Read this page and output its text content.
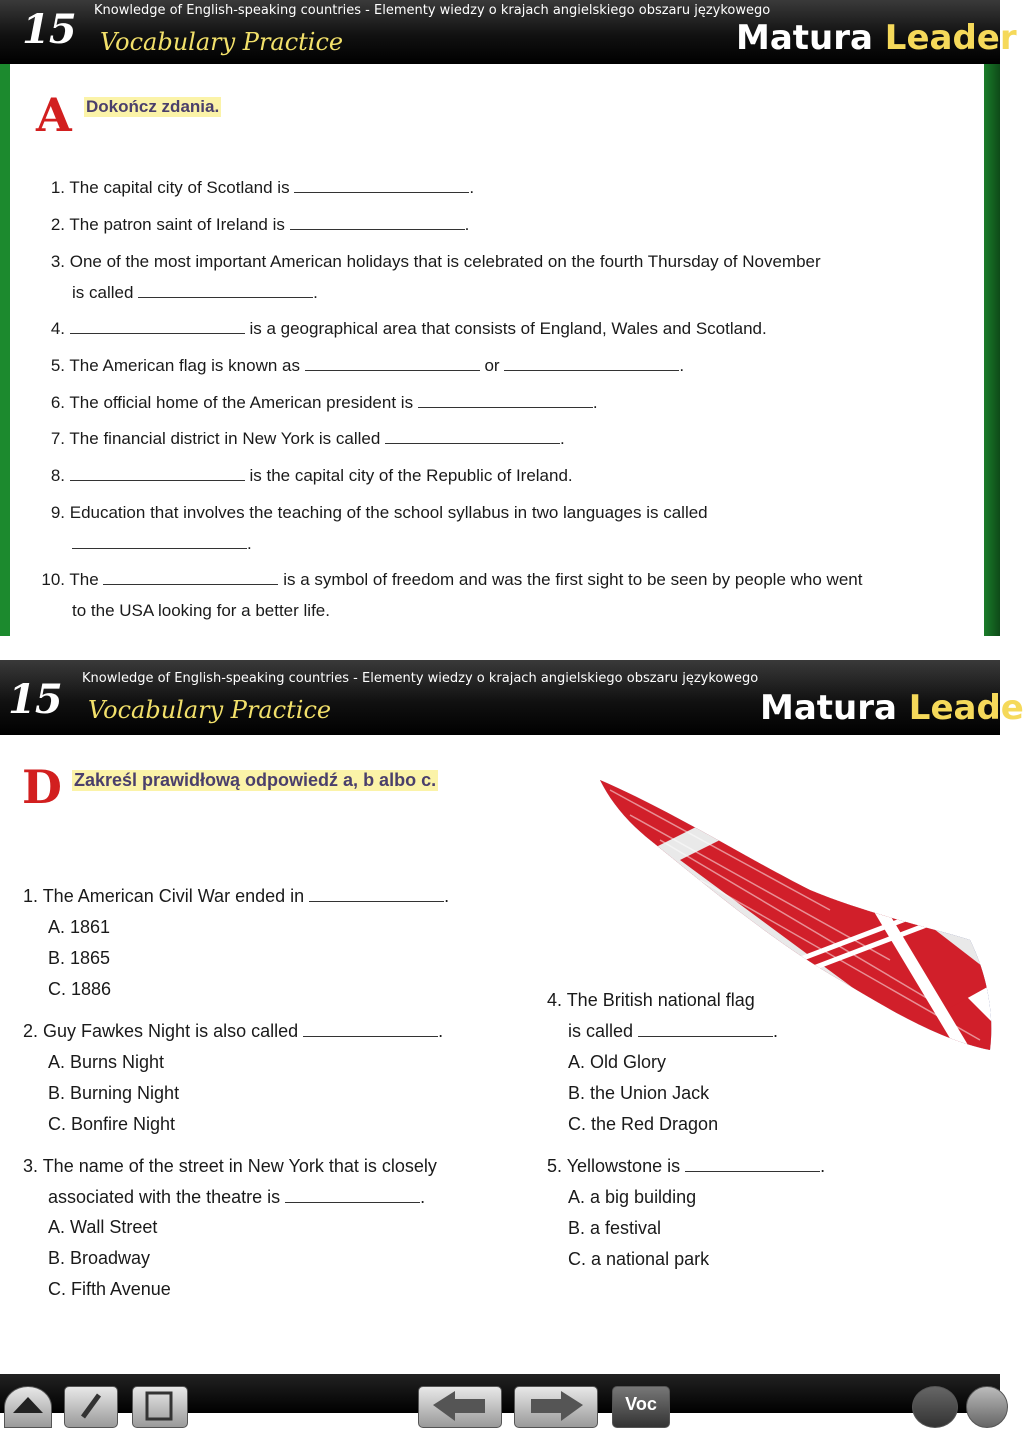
15 Knowledge of English-speaking countries - Elementy wiedzy o krajach angielskiego obszaru językowego
Vocabulary Practice	Matura Leader
A Dokończ zdania.
1. The capital city of Scotland is	.
2. The patron saint of Ireland is	.
3. One of the most important American holidays that is celebrated on the fourth Thursday of November
is called	.
4.	is a geographical area that consists of England, Wales and Scotland.
5. The American flag is known as	or	.
6. The official home of the American president is	.
7. The financial district in New York is called	.
8.	is the capital city of the Republic of Ireland.
9. Education that involves the teaching of the school syllabus in two languages is called
.
10. The	is a symbol of freedom and was the first sight to be seen by people who went
to the USA looking for a better life.
15 Knowledge of English-speaking countries - Elementy wiedzy o krajach angielskiego obszaru językowego
Vocabulary Practice	Matura Leade
D Zakreśl prawidłową odpowiedź a, b albo c.
1. The American Civil War ended in	.
A. 1861
B. 1865
C. 1886
2. Guy Fawkes Night is also called	.
A. Burns Night
B. Burning Night
C. Bonfire Night
3. The name of the street in New York that is closely
associated with the theatre is	.
A. Wall Street
B. Broadway
C. Fifth Avenue
4. The British national flag
is called	.
A. Old Glory
B. the Union Jack
C. the Red Dragon
5. Yellowstone is	.
A. a big building
B. a festival
C. a national park
Voc
